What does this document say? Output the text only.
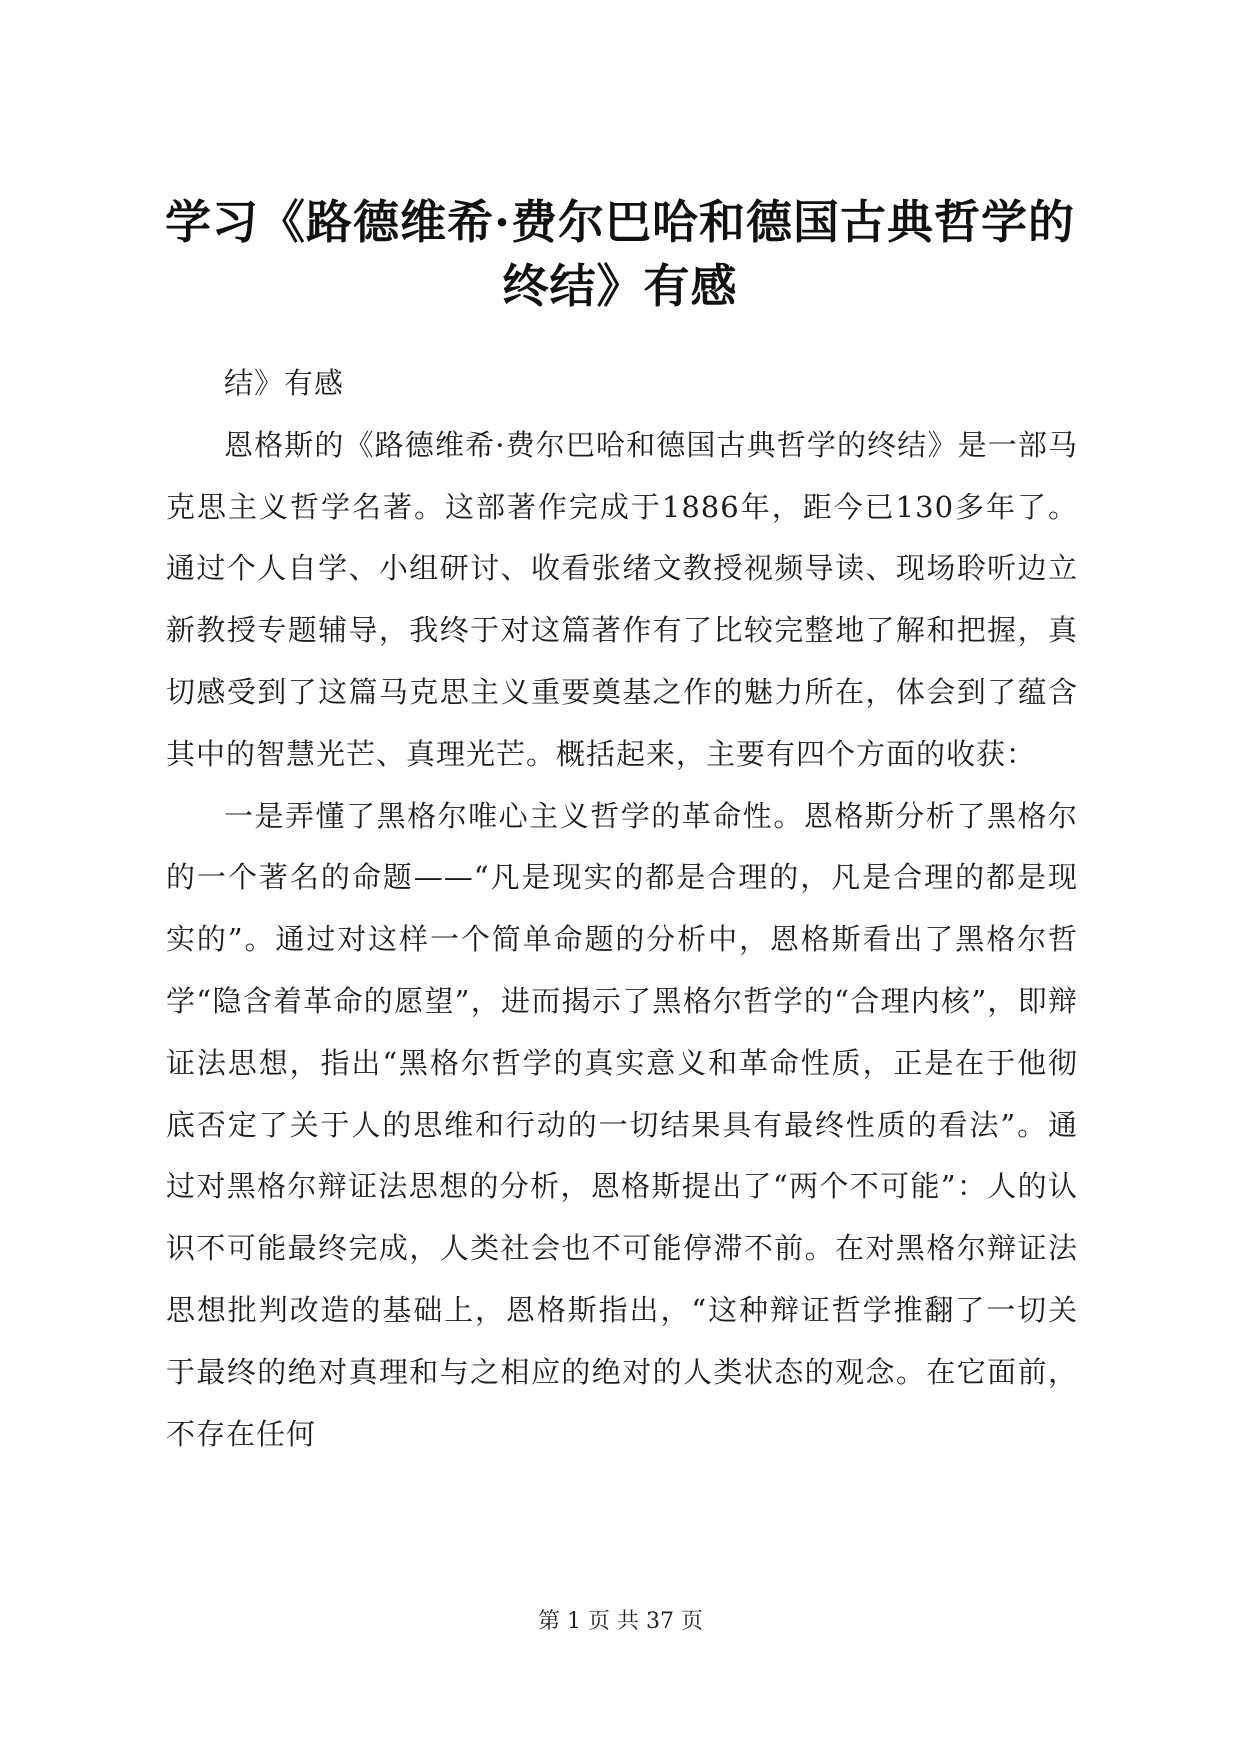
学习《路德维希·费尔巴哈和德国古典哲学的终结》有感

结》有感

恩格斯的《路德维希·费尔巴哈和德国古典哲学的终结》是一部马克思主义哲学名著。这部著作完成于1886年，距今已130多年了。通过个人自学、小组研讨、收看张绪文教授视频导读、现场聆听边立新教授专题辅导，我终于对这篇著作有了比较完整地了解和把握，真切感受到了这篇马克思主义重要奠基之作的魅力所在，体会到了蕴含其中的智慧光芒、真理光芒。概括起来，主要有四个方面的收获：

一是弄懂了黑格尔唯心主义哲学的革命性。恩格斯分析了黑格尔的一个著名的命题——“凡是现实的都是合理的，凡是合理的都是现实的”。通过对这样一个简单命题的分析中，恩格斯看出了黑格尔哲学“隐含着革命的愿望”，进而揭示了黑格尔哲学的“合理内核”，即辩证法思想，指出“黑格尔哲学的真实意义和革命性质，正是在于他彻底否定了关于人的思维和行动的一切结果具有最终性质的看法”。通过对黑格尔辩证法思想的分析，恩格斯提出了“两个不可能”：人的认识不可能最终完成，人类社会也不可能停滞不前。在对黑格尔辩证法思想批判改造的基础上，恩格斯指出，“这种辩证哲学推翻了一切关于最终的绝对真理和与之相应的绝对的人类状态的观念。在它面前，不存在任何

第 1 页 共 37 页
